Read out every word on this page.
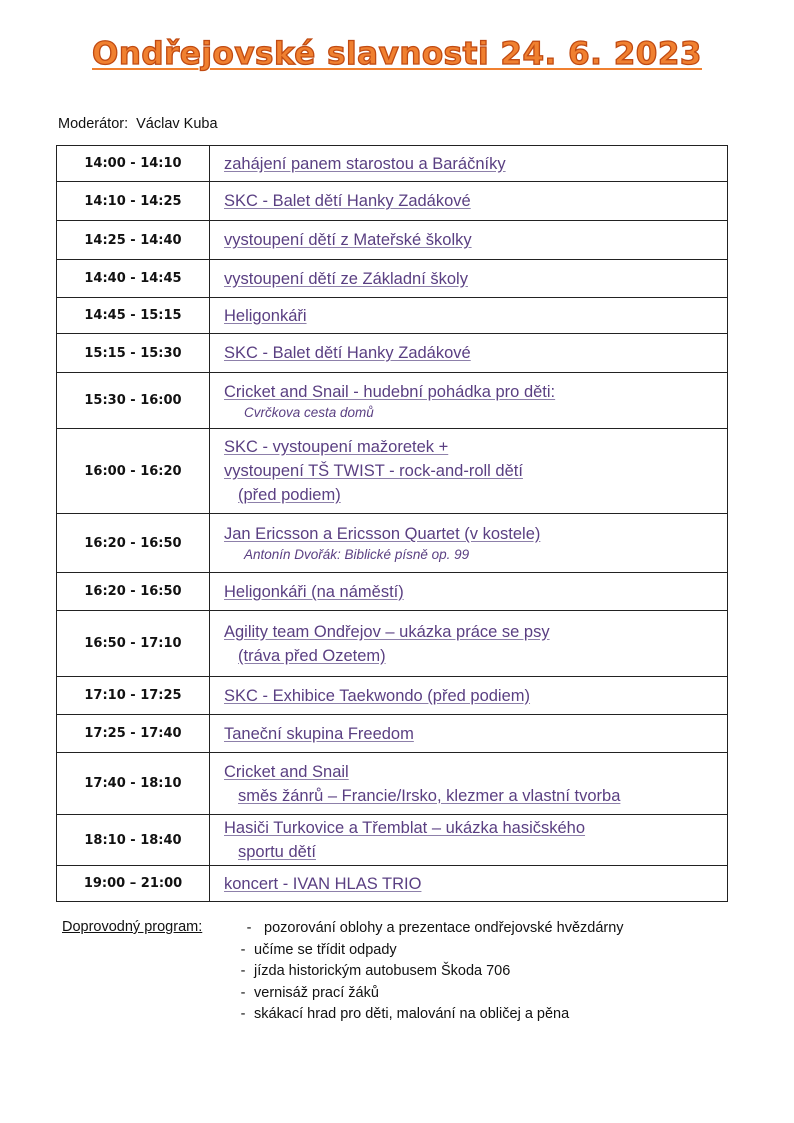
Ondřejovské slavnosti 24. 6. 2023
Moderátor: Václav Kuba
14:00 - 14:10	zahájení panem starostou a Baráčníky

14:10 - 14:25	SKC - Balet dětí Hanky Zadákové

14:25 - 14:40	vystoupení dětí z Mateřské školky

14:40 - 14:45	vystoupení dětí ze Základní školy

14:45 - 15:15	Heligonkáři

15:15 - 15:30	SKC - Balet dětí Hanky Zadákové

15:30 - 16:00	Cricket and Snail - hudební pohádka pro děti:
Cvrčkova cesta domů

16:00 - 16:20	SKC - vystoupení mažoretek +
vystoupení TŠ TWIST - rock-and-roll dětí
(před podiem)

16:20 - 16:50	Jan Ericsson a Ericsson Quartet (v kostele)
Antonín Dvořák: Biblické písně op. 99

16:20 - 16:50	Heligonkáři (na náměstí)

16:50 - 17:10	Agility team Ondřejov – ukázka práce se psy
(tráva před Ozetem)

17:10 - 17:25	SKC - Exhibice Taekwondo (před podiem)

17:25 - 17:40	Taneční skupina Freedom

17:40 - 18:10	Cricket and Snail
směs žánrů – Francie/Irsko, klezmer a vlastní tvorba

18:10 - 18:40	Hasiči Turkovice a Třemblat – ukázka hasičského
sportu dětí

19:00 – 21:00	koncert - IVAN HLAS TRIO
Doprovodný program:	- pozorování oblohy a prezentace ondřejovské hvězdárny
- učíme se třídit odpady
- jízda historickým autobusem Škoda 706
- vernisáž prací žáků
- skákací hrad pro děti, malování na obličej a pěna
